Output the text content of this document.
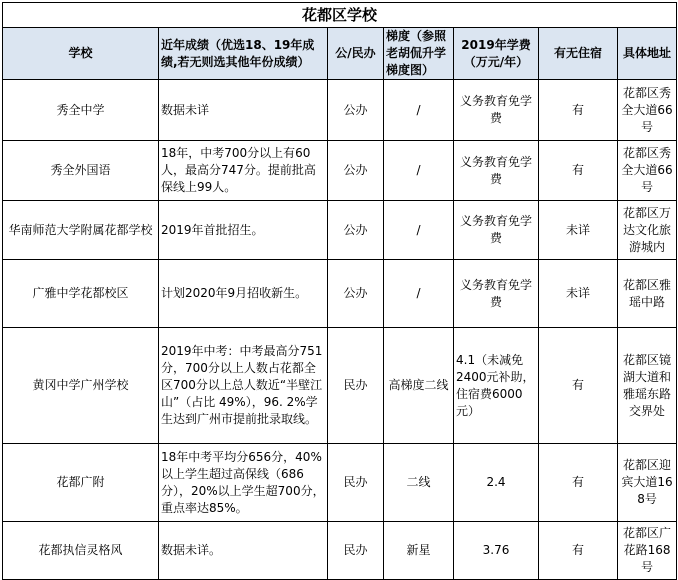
花都区学校						
学校	近年成绩（优选18、19年成绩,若无则选其他年份成绩）	公/民办	梯度（参照老胡侃升学梯度图）	2019年学费（万元/年）	有无住宿	具体地址
秀全中学	数据未详	公办	/	义务教育免学费	有	花都区秀全大道66号
秀全外国语	18年，中考700分以上有60人，最高分747分。提前批高保线上99人。	公办	/	义务教育免学费	有	花都区秀全大道66号
华南师范大学附属花都学校	2019年首批招生。	公办	/	义务教育免学费	未详	花都区万达文化旅游城内
广雅中学花都校区	计划2020年9月招收新生。	公办	/	义务教育免学费	未详	花都区雅瑶中路
黄冈中学广州学校	2019年中考：中考最高分751分，700分以上人数占花都全区700分以上总人数近“半壁江山”（占比 49%），96. 2%学生达到广州市提前批录取线。	民办	高梯度二线	4.1（未减免2400元补助，住宿费6000元）	有	花都区镜湖大道和雅瑶东路交界处
花都广附	18年中考平均分656分，40%以上学生超过高保线（686分），20%以上学生超700分，重点率达85%。	民办	二线	2.4	有	花都区迎宾大道168号
花都执信灵格风	数据未详。	民办	新星	3.76	有	花都区广花路168号
